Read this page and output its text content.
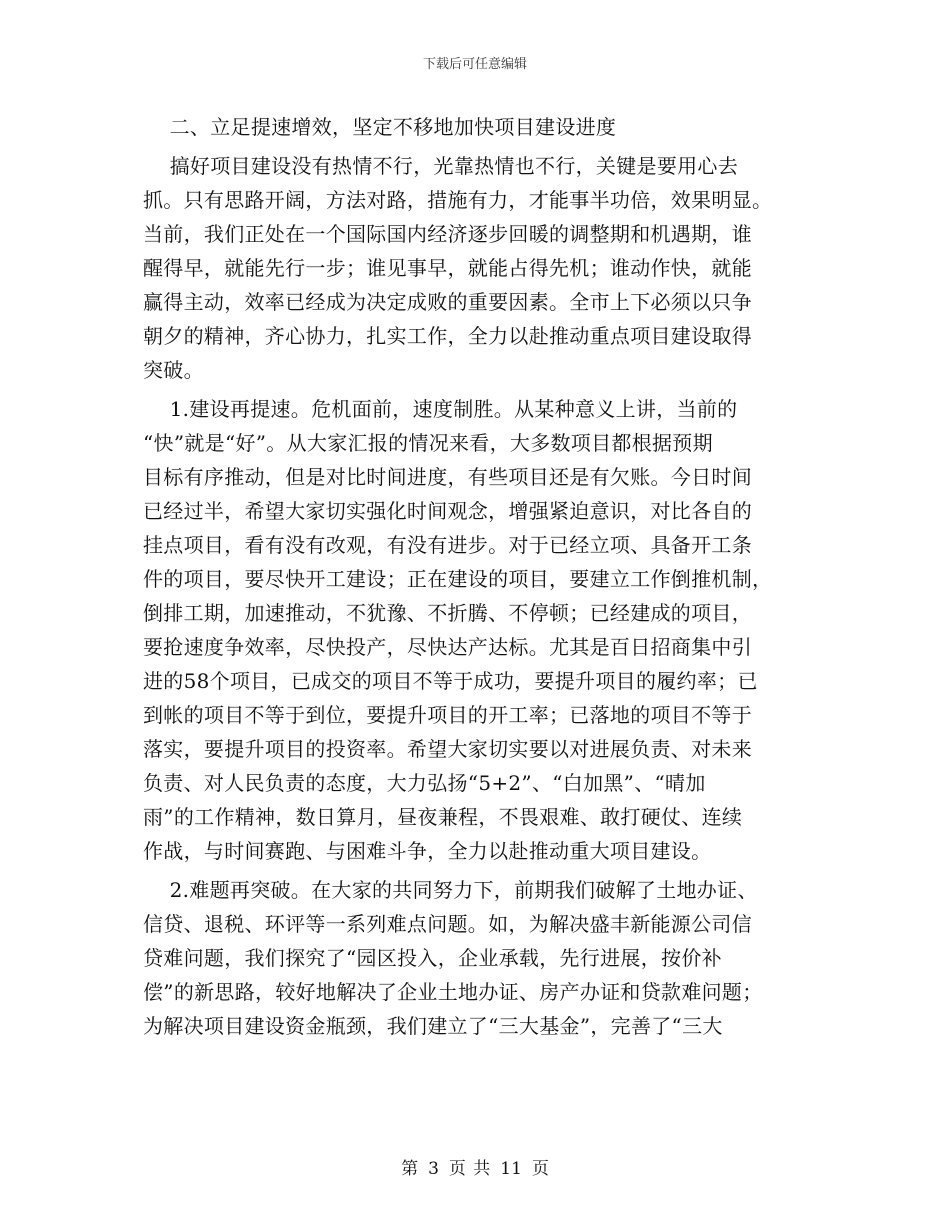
下载后可任意编辑
二、立足提速增效，坚定不移地加快项目建设进度
搞好项目建设没有热情不行，光靠热情也不行，关键是要用心去
抓。只有思路开阔，方法对路，措施有力，才能事半功倍，效果明显。
当前，我们正处在一个国际国内经济逐步回暖的调整期和机遇期，谁
醒得早，就能先行一步；谁见事早，就能占得先机；谁动作快，就能
赢得主动，效率已经成为决定成败的重要因素。全市上下必须以只争
朝夕的精神，齐心协力，扎实工作，全力以赴推动重点项目建设取得
突破。
1.建设再提速。危机面前，速度制胜。从某种意义上讲，当前的
“快”就是“好”。从大家汇报的情况来看，大多数项目都根据预期
目标有序推动，但是对比时间进度，有些项目还是有欠账。今日时间
已经过半，希望大家切实强化时间观念，增强紧迫意识，对比各自的
挂点项目，看有没有改观，有没有进步。对于已经立项、具备开工条
件的项目，要尽快开工建设；正在建设的项目，要建立工作倒推机制，
倒排工期，加速推动，不犹豫、不折腾、不停顿；已经建成的项目，
要抢速度争效率，尽快投产，尽快达产达标。尤其是百日招商集中引
进的58个项目，已成交的项目不等于成功，要提升项目的履约率；已
到帐的项目不等于到位，要提升项目的开工率；已落地的项目不等于
落实，要提升项目的投资率。希望大家切实要以对进展负责、对未来
负责、对人民负责的态度，大力弘扬“5+2”、“白加黑”、“晴加
雨”的工作精神，数日算月，昼夜兼程，不畏艰难、敢打硬仗、连续
作战，与时间赛跑、与困难斗争，全力以赴推动重大项目建设。
2.难题再突破。在大家的共同努力下，前期我们破解了土地办证、
信贷、退税、环评等一系列难点问题。如，为解决盛丰新能源公司信
贷难问题，我们探究了“园区投入，企业承载，先行进展，按价补
偿”的新思路，较好地解决了企业土地办证、房产办证和贷款难问题；
为解决项目建设资金瓶颈，我们建立了“三大基金”，完善了“三大
第 3 页 共 11 页
